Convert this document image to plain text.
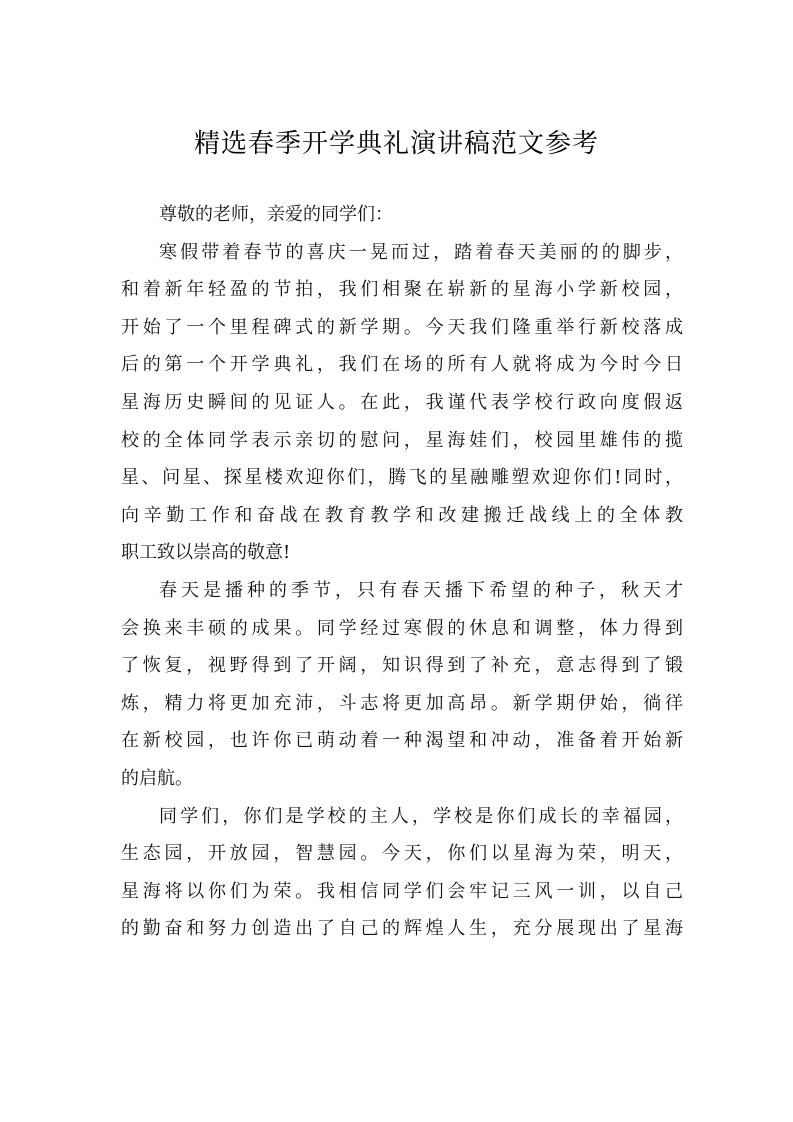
精选春季开学典礼演讲稿范文参考
尊敬的老师，亲爱的同学们：
寒假带着春节的喜庆一晃而过，踏着春天美丽的的脚步，
和着新年轻盈的节拍，我们相聚在崭新的星海小学新校园，
开始了一个里程碑式的新学期。今天我们隆重举行新校落成
后的第一个开学典礼，我们在场的所有人就将成为今时今日
星海历史瞬间的见证人。在此，我谨代表学校行政向度假返
校的全体同学表示亲切的慰问，星海娃们，校园里雄伟的揽
星、问星、探星楼欢迎你们，腾飞的星融雕塑欢迎你们!同时，
向辛勤工作和奋战在教育教学和改建搬迁战线上的全体教
职工致以崇高的敬意!
春天是播种的季节，只有春天播下希望的种子，秋天才
会换来丰硕的成果。同学经过寒假的休息和调整，体力得到
了恢复，视野得到了开阔，知识得到了补充，意志得到了锻
炼，精力将更加充沛，斗志将更加高昂。新学期伊始，徜徉
在新校园，也许你已萌动着一种渴望和冲动，准备着开始新
的启航。
同学们，你们是学校的主人，学校是你们成长的幸福园，
生态园，开放园，智慧园。今天，你们以星海为荣，明天，
星海将以你们为荣。我相信同学们会牢记三风一训，以自己
的勤奋和努力创造出了自己的辉煌人生，充分展现出了星海
